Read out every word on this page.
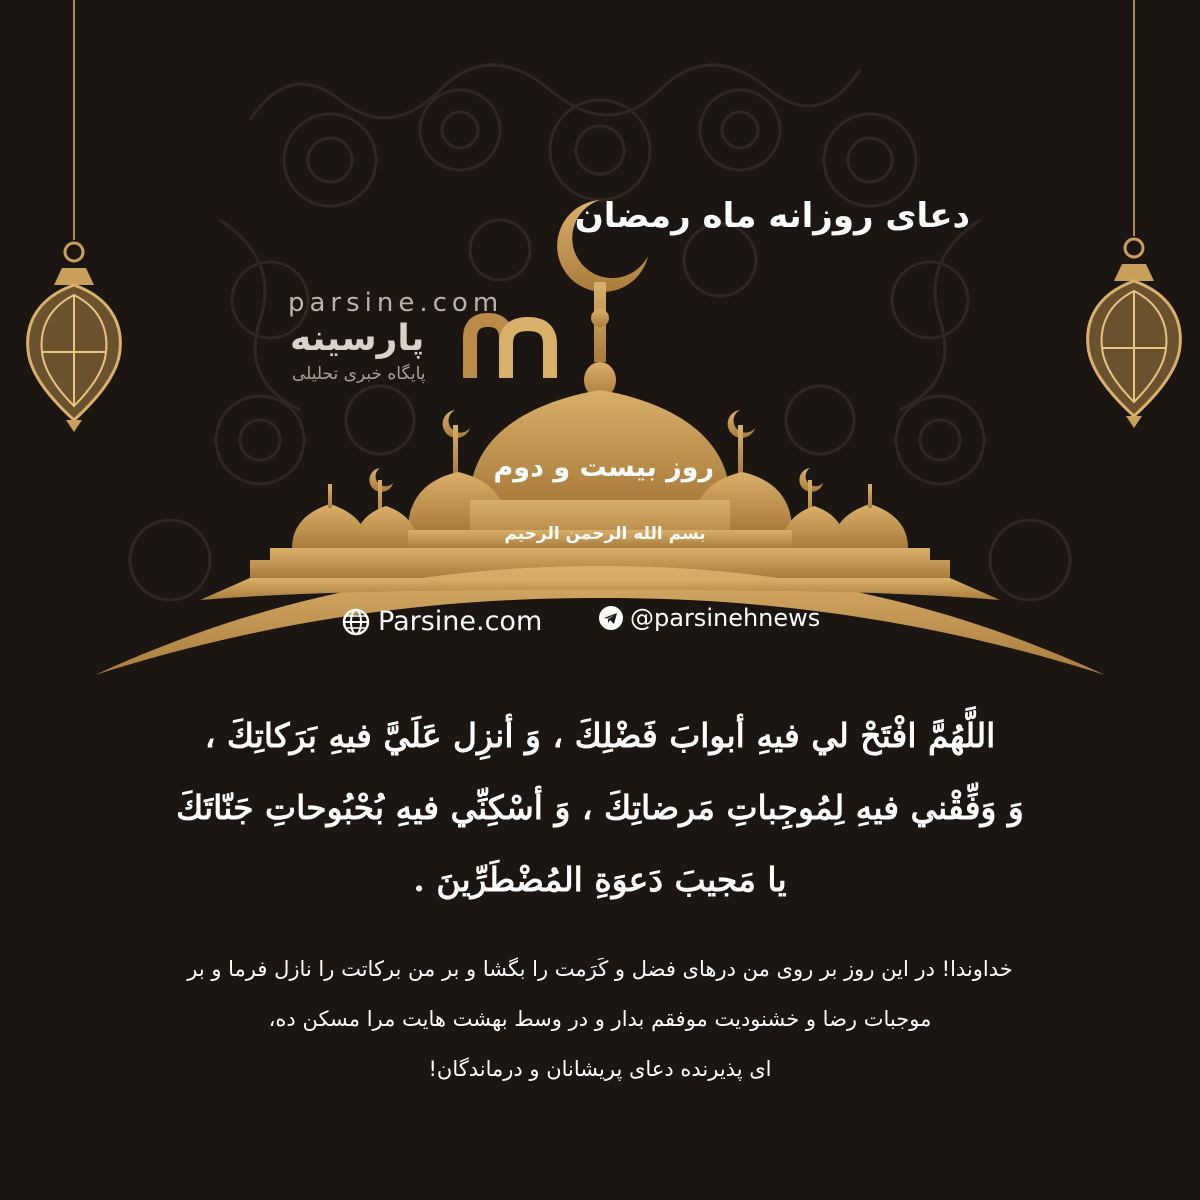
دعای روزانه ماه رمضان
parsine.com
پارسینه
پایگاه خبری تحلیلی
روز بیست و دوم
بسم الله الرحمن الرحیم
Parsine.com	@parsinehnews
اللَّهُمَّ افْتَحْ لي فيهِ أبوابَ فَضْلِكَ ، وَ أنزِل عَلَيَّ فيهِ بَرَكاتِكَ ،
وَ وَفِّقْني فيهِ لِمُوجِباتِ مَرضاتِكَ ، وَ أسْكِنِّي فيهِ بُحْبُوحاتِ جَنّاتَكَ
يا مَجيبَ دَعوَةِ المُضْطَرِّينَ .
خداوندا! در این روز بر روی من درهای فضل و کَرَمت را بگشا و بر من برکاتت را نازل فرما و بر
موجبات رضا و خشنودیت موفقم بدار و در وسط بهشت هایت مرا مسکن ده،
ای پذیرنده دعای پریشانان و درماندگان!
